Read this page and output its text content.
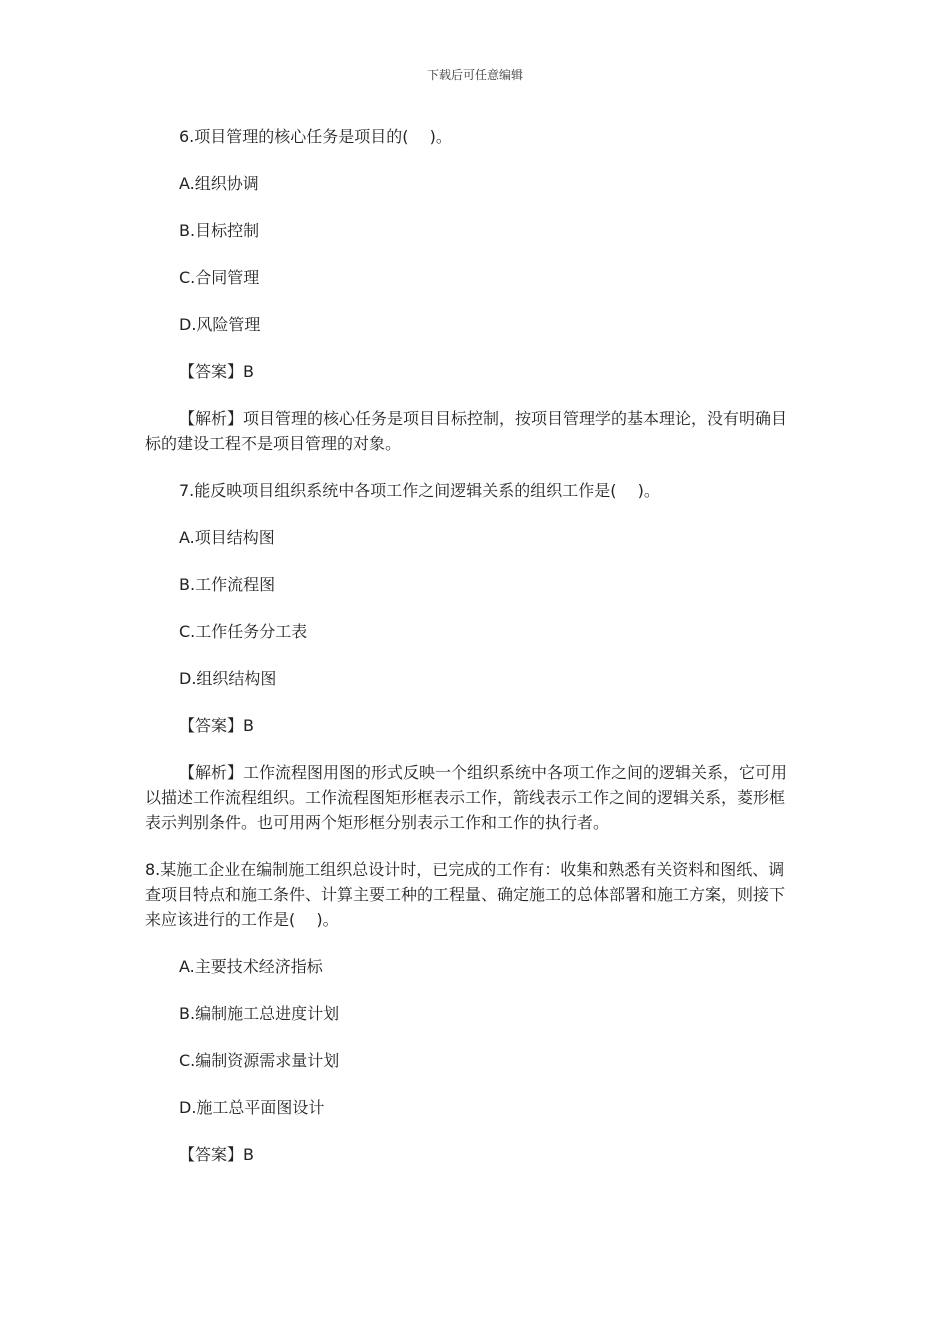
下载后可任意编辑
6.项目管理的核心任务是项目的(　 )。
A.组织协调
B.目标控制
C.合同管理
D.风险管理
【答案】B
【解析】项目管理的核心任务是项目目标控制，按项目管理学的基本理论，没有明确目标的建设工程不是项目管理的对象。
7.能反映项目组织系统中各项工作之间逻辑关系的组织工作是(　 )。
A.项目结构图
B.工作流程图
C.工作任务分工表
D.组织结构图
【答案】B
【解析】工作流程图用图的形式反映一个组织系统中各项工作之间的逻辑关系，它可用以描述工作流程组织。工作流程图矩形框表示工作，箭线表示工作之间的逻辑关系，菱形框表示判别条件。也可用两个矩形框分别表示工作和工作的执行者。
8.某施工企业在编制施工组织总设计时，已完成的工作有：收集和熟悉有关资料和图纸、调查项目特点和施工条件、计算主要工种的工程量、确定施工的总体部署和施工方案，则接下来应该进行的工作是(　 )。
A.主要技术经济指标
B.编制施工总进度计划
C.编制资源需求量计划
D.施工总平面图设计
【答案】B
